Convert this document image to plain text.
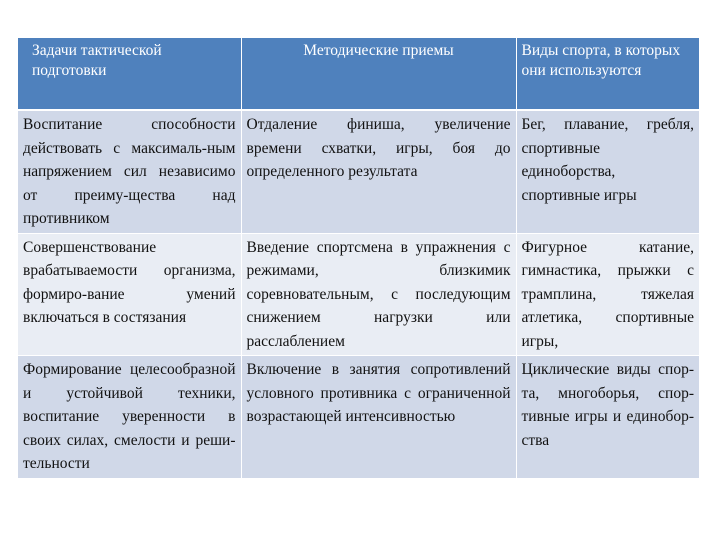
Задачи тактической подготовки	Методические приемы	Виды спорта, в которых они используются
Воспитание способности действовать с максималь-ным напряжением сил независимо от преиму-щества над противником	Отдаление финиша, увеличение времени схватки, игры, боя до определенного результата	Бег, плавание, гребля, спортивные единоборства, спортивные игры
Совершенствование врабатываемости организма, формиро-вание умений включаться в состязания	Введение спортсмена в упражнения с режимами, близкимик соревновательным, с последующим снижением нагрузки или расслаблением	Фигурное катание, гимнастика, прыжки с трамплина, тяжелая атлетика, спортивные игры,
Формирование целесообразной и устойчивой техники, воспитание уверенности в своих силах, смелости и реши-тельности	Включение в занятия сопротивлений условного противника с ограниченной возрастающей интенсивностью	Циклические виды спор-та, многоборья, спор-тивные игры и единобор-ства
